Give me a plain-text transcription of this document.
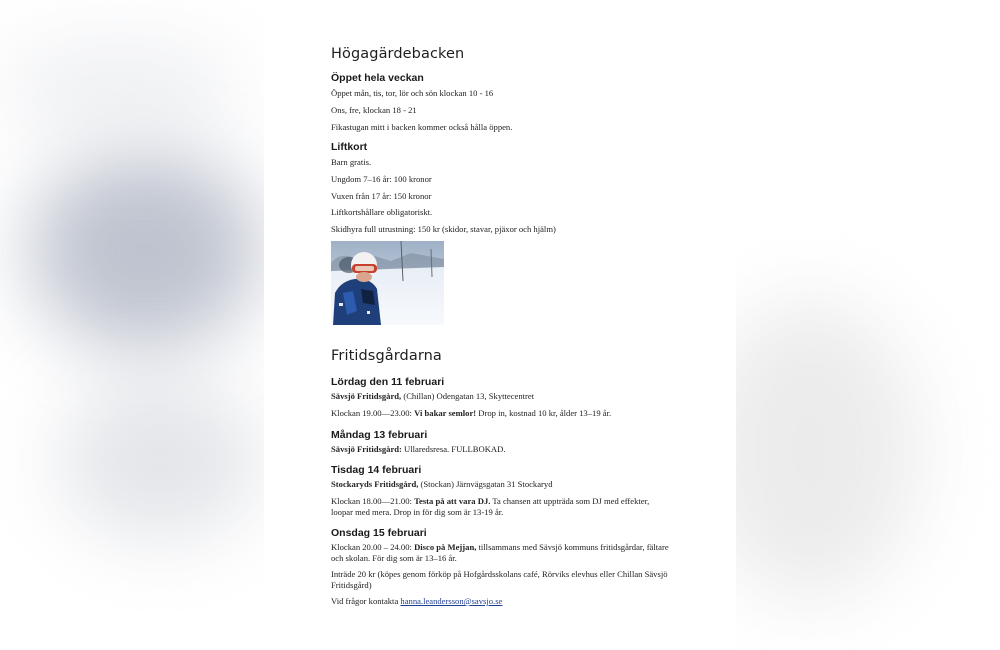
Högagärdebacken
Öppet hela veckan
Öppet mån, tis, tor, lör och sön klockan 10 - 16
Ons, fre, klockan 18 - 21
Fikastugan mitt i backen kommer också hålla öppen.
Liftkort
Barn gratis.
Ungdom 7–16 år: 100 kronor
Vuxen från 17 år: 150 kronor
Liftkortshållare obligatoriskt.
Skidhyra full utrustning: 150 kr (skidor, stavar, pjäxor och hjälm)
Fritidsgårdarna
Lördag den 11 februari
Sävsjö Fritidsgård, (Chillan) Odengatan 13, Skyttecentret
Klockan 19.00—23.00: Vi bakar semlor! Drop in, kostnad 10 kr, ålder 13–19 år.
Måndag 13 februari
Sävsjö Fritidsgård: Ullaredsresa. FULLBOKAD.
Tisdag 14 februari
Stockaryds Fritidsgård, (Stockan) Järnvägsgatan 31 Stockaryd
Klockan 18.00—21.00: Testa på att vara DJ. Ta chansen att uppträda som DJ med effekter, loopar med mera. Drop in för dig som är 13-19 år.
Onsdag 15 februari
Klockan 20.00 – 24.00: Disco på Mejjan, tillsammans med Sävsjö kommuns fritidsgårdar, fältare och skolan. För dig som är 13–16 år.
Inträde 20 kr (köpes genom förköp på Hofgårdsskolans café, Rörviks elevhus eller Chillan Sävsjö Fritidsgård)
Vid frågor kontakta hanna.leandersson@savsjo.se
